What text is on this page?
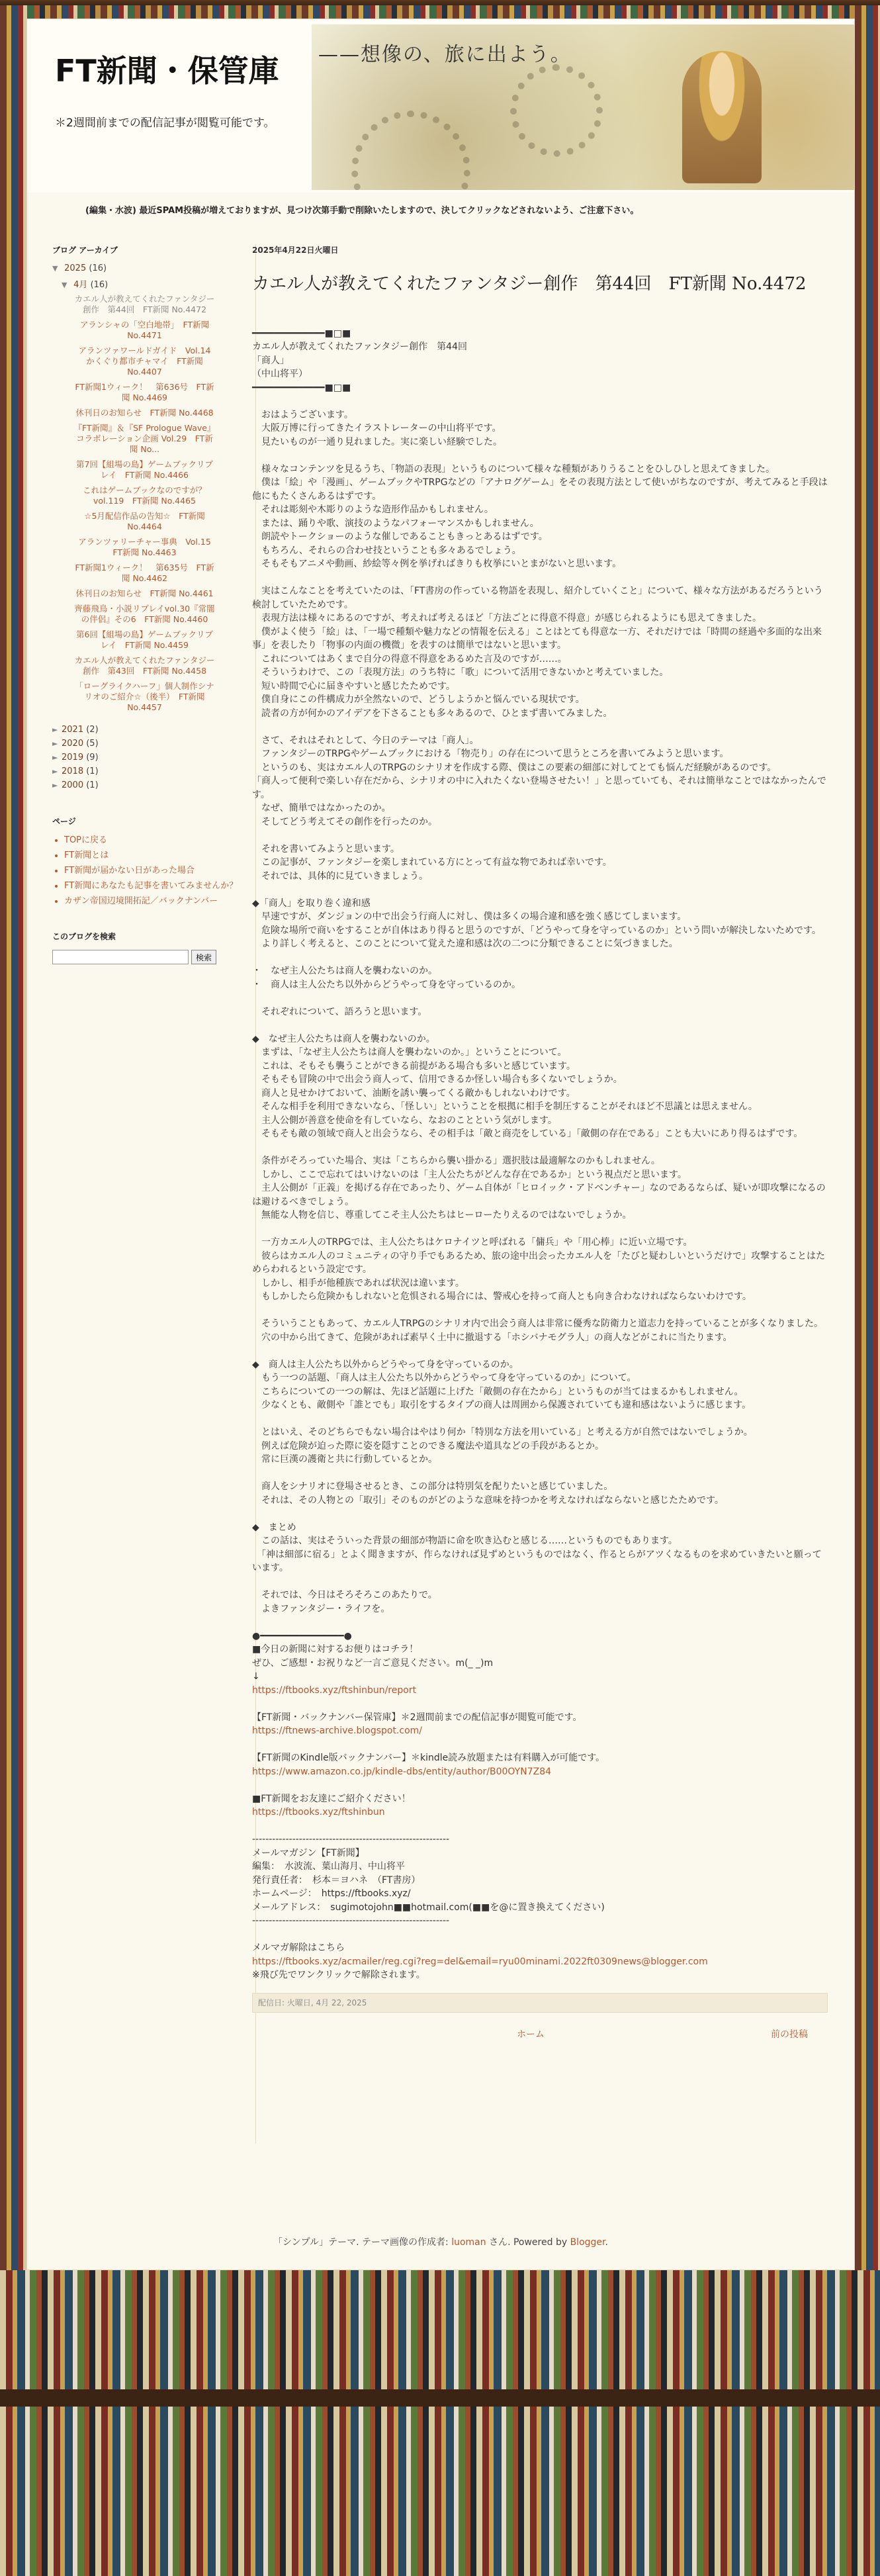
FT新聞・保管庫
＊2週間前までの配信記事が閲覧可能です。
——想像の、旅に出よう。
(編集・水波) 最近SPAM投稿が増えておりますが、見つけ次第手動で削除いたしますので、決してクリックなどされないよう、ご注意下さい。
ブログ アーカイブ
▼ 2025 (16)
▼ 4月 (16)
カエル人が教えてくれたファンタジー創作　第44回　FT新聞 No.4472
アランシャの「空白地帯」　FT新聞 No.4471
アランツァワールドガイド　Vol.14　かくぐり都市チャマイ　FT新聞 No.4407
FT新聞1ウィーク！　第636号　FT新聞 No.4469
休刊日のお知らせ　FT新聞 No.4468
『FT新聞』＆『SF Prologue Wave』コラボレーション企画 Vol.29　FT新聞 No...
第7回【組場の島】ゲームブックリプレイ　FT新聞 No.4466
これはゲームブックなのですが？　vol.119　FT新聞 No.4465
☆5月配信作品の告知☆　FT新聞 No.4464
アランツァリーチャー事典　Vol.15　FT新聞 No.4463
FT新聞1ウィーク！　第635号　FT新聞 No.4462
休刊日のお知らせ　FT新聞 No.4461
齊藤飛鳥・小説リプレイvol.30『常闇の伴侶』その6　FT新聞 No.4460
第6回【組場の島】ゲームブックリプレイ　FT新聞 No.4459
カエル人が教えてくれたファンタジー創作　第43回　FT新聞 No.4458
「ローグライクハーフ」個人制作シナリオのご紹介☆（後半）　FT新聞 No.4457
► 2021 (2)
► 2020 (5)
► 2019 (9)
► 2018 (1)
► 2000 (1)
ページ
• TOPに戻る
• FT新聞とは
• FT新聞が届かない日があった場合
• FT新聞にあなたも記事を書いてみませんか？
• カザン帝国辺境開拓記／バックナンバー
このブログを検索
検索
2025年4月22日火曜日
カエル人が教えてくれたファンタジー創作　第44回　FT新聞 No.4472
━━━━━━━━━━━━━■□■
カエル人が教えてくれたファンタジー創作　第44回
「商人」
（中山将平）
━━━━━━━━━━━━━■□■
　おはようございます。
　大阪万博に行ってきたイラストレーターの中山将平です。
　見たいものが一通り見れました。実に楽しい経験でした。
　様々なコンテンツを見るうち、「物語の表現」というものについて様々な種類がありうることをひしひしと思えてきました。
　僕は「絵」や「漫画」、ゲームブックやTRPGなどの「アナログゲーム」をその表現方法として使いがちなのですが、考えてみると手段は他にもたくさんあるはずです。
　それは彫刻や木彫りのような造形作品かもしれません。
　または、踊りや歌、演技のようなパフォーマンスかもしれません。
　朗読やトークショーのような催しであることもきっとあるはずです。
　もちろん、それらの合わせ技ということも多々あるでしょう。
　そもそもアニメや動画、紗絵等々例を挙げればきりも枚挙にいとまがないと思います。
　実はこんなことを考えていたのは、「FT書房の作っている物語を表現し、紹介していくこと」について、様々な方法があるだろうという検討していたためです。
　表現方法は様々にあるのですが、考えれば考えるほど「方法ごとに得意不得意」が感じられるようにも思えてきました。
　僕がよく使う「絵」は、「一場で種類や魅力などの情報を伝える」ことはとても得意な一方、それだけでは「時間の経過や多面的な出来事」を表したり「物事の内面の機微」を表すのは簡単ではないと思います。
　これについてはあくまで自分の得意不得意をあるめた言及のですが……。
　そういうわけで、この「表現方法」のうち特に「歌」について活用できないかと考えていました。
　短い時間で心に届きやすいと感じたためです。
　僕自身にこの件構成力が全然ないので、どうしようかと悩んでいる現状です。
　読者の方が何かのアイデアを下さることも多々あるので、ひとまず書いてみました。
　さて、それはそれとして、今日のテーマは「商人」。
　ファンタジーのTRPGやゲームブックにおける「物売り」の存在について思うところを書いてみようと思います。
　というのも、実はカエル人のTRPGのシナリオを作成する際、僕はこの要素の細部に対してとても悩んだ経験があるのです。
「商人って便利で楽しい存在だから、シナリオの中に入れたくない登場させたい！」と思っていても、それは簡単なことではなかったんです。
　なぜ、簡単ではなかったのか。
　そしてどう考えてその創作を行ったのか。
　それを書いてみようと思います。
　この記事が、ファンタジーを楽しまれている方にとって有益な物であれば幸いです。
　それでは、具体的に見ていきましょう。
◆「商人」を取り巻く違和感
　早速ですが、ダンジョンの中で出会う行商人に対し、僕は多くの場合違和感を強く感じてしまいます。
　危険な場所で商いをすることが自体はあり得ると思うのですが、「どうやって身を守っているのか」という問いが解決しないためです。
　より詳しく考えると、このことについて覚えた違和感は次の二つに分類できることに気づきました。
・　なぜ主人公たちは商人を襲わないのか。
・　商人は主人公たち以外からどうやって身を守っているのか。
　それぞれについて、語ろうと思います。
◆　なぜ主人公たちは商人を襲わないのか。
　まずは、「なぜ主人公たちは商人を襲わないのか。」ということについて。
　これは、そもそも襲うことができる前提がある場合も多いと感じています。
　そもそも冒険の中で出会う商人って、信用できるか怪しい場合も多くないでしょうか。
　商人と見せかけておいて、油断を誘い襲ってくる敵かもしれないわけです。
　そんな相手を利用できないなら、「怪しい」ということを根拠に相手を制圧することがそれほど不思議とは思えません。
　主人公側が善意を使命を有していなら、なおのことという気がします。
　そもそも敵の領域で商人と出会うなら、その相手は「敵と商売をしている」「敵側の存在である」ことも大いにあり得るはずです。
　条件がそろっていた場合、実は「こちらから襲い掛かる」選択肢は最適解なのかもしれません。
　しかし、ここで忘れてはいけないのは「主人公たちがどんな存在であるか」という視点だと思います。
　主人公側が「正義」を掲げる存在であったり、ゲーム自体が「ヒロイック・アドベンチャー」なのであるならば、疑いが即攻撃になるのは避けるべきでしょう。
　無能な人物を信じ、尊重してこそ主人公たちはヒーローたりえるのではないでしょうか。
　一方カエル人のTRPGでは、主人公たちはケロナイツと呼ばれる「傭兵」や「用心棒」に近い立場です。
　彼らはカエル人のコミュニティの守り手でもあるため、旅の途中出会ったカエル人を「たびと疑わしいというだけで」攻撃することはためらわれるという設定です。
　しかし、相手が他種族であれば状況は違います。
　もしかしたら危険かもしれないと危惧される場合には、警戒心を持って商人とも向き合わなければならないわけです。
　そういうこともあって、カエル人TRPGのシナリオ内で出会う商人は非常に優秀な防衛力と道志力を持っていることが多くなりました。
　穴の中から出てきて、危険があれば素早く土中に撤退する「ホシバナモグラ人」の商人などがこれに当たります。
◆　商人は主人公たち以外からどうやって身を守っているのか。
　もう一つの話題、「商人は主人公たち以外からどうやって身を守っているのか」について。
　こちらについての一つの解は、先ほど話題に上げた「敵側の存在たから」というものが当てはまるかもしれません。
　少なくとも、敵側や「誰とでも」取引をするタイプの商人は周囲から保護されていても違和感はないように感じます。
　とはいえ、そのどちらでもない場合はやはり何か「特別な方法を用いている」と考える方が自然ではないでしょうか。
　例えば危険が迫った際に姿を隠すことのできる魔法や道具などの手段があるとか。
　常に巨漢の護衛と共に行動しているとか。
　商人をシナリオに登場させるとき、この部分は特別気を配りたいと感じていました。
　それは、その人物との「取引」そのものがどのような意味を持つかを考えなければならないと感じたためです。
◆　まとめ
　この話は、実はそういった背景の細部が物語に命を吹き込むと感じる……というものでもあります。
　「神は細部に宿る」とよく聞きますが、作らなければ見ずめというものではなく、作るとらがアツくなるものを求めていきたいと願っています。
　それでは、今日はそろそろこのあたりで。
　よきファンタジー・ライフを。
●━━━━━━━━━━━━━━━●
■今日の新聞に対するお便りはコチラ！
ぜひ、ご感想・お祝りなど一言ご意見ください。m(_ _)m
↓
https://ftbooks.xyz/ftshinbun/report
【FT新聞・バックナンバー保管庫】＊2週間前までの配信記事が閲覧可能です。
https://ftnews-archive.blogspot.com/
【FT新聞のKindle版バックナンバー】＊kindle読み放題または有料購入が可能です。
https://www.amazon.co.jp/kindle-dbs/entity/author/B00OYN7Z84
■FT新聞をお友達にご紹介ください！
https://ftbooks.xyz/ftshinbun
-----------------------------------------------------------
メールマガジン【FT新聞】
編集：　水波流、葉山海月、中山将平
発行責任者：　杉本＝ヨハネ　（FT書房）
ホームページ：　https://ftbooks.xyz/
メールアドレス：　sugimotojohn■■hotmail.com(■■を@に置き換えてください)
-----------------------------------------------------------
メルマガ解除はこちら
https://ftbooks.xyz/acmailer/reg.cgi?reg=del&email=ryu00minami.2022ft0309news@blogger.com
※飛び先でワンクリックで解除されます。
配信日: 火曜日, 4月 22, 2025
ホーム	前の投稿
「シンプル」テーマ. テーマ画像の作成者: luoman さん. Powered by Blogger.
